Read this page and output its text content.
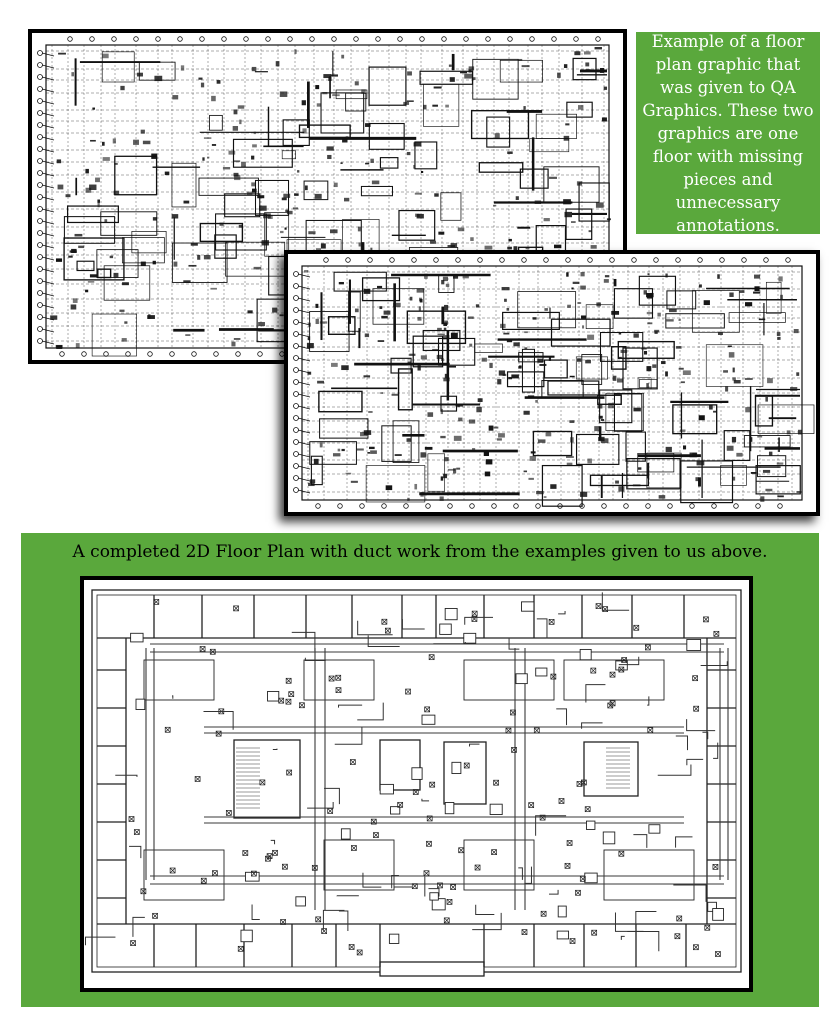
Example of a floor plan graphic that was given to QA Graphics. These two graphics are one floor with missing pieces and unnecessary annotations.
A completed 2D Floor Plan with duct work from the examples given to us above.
